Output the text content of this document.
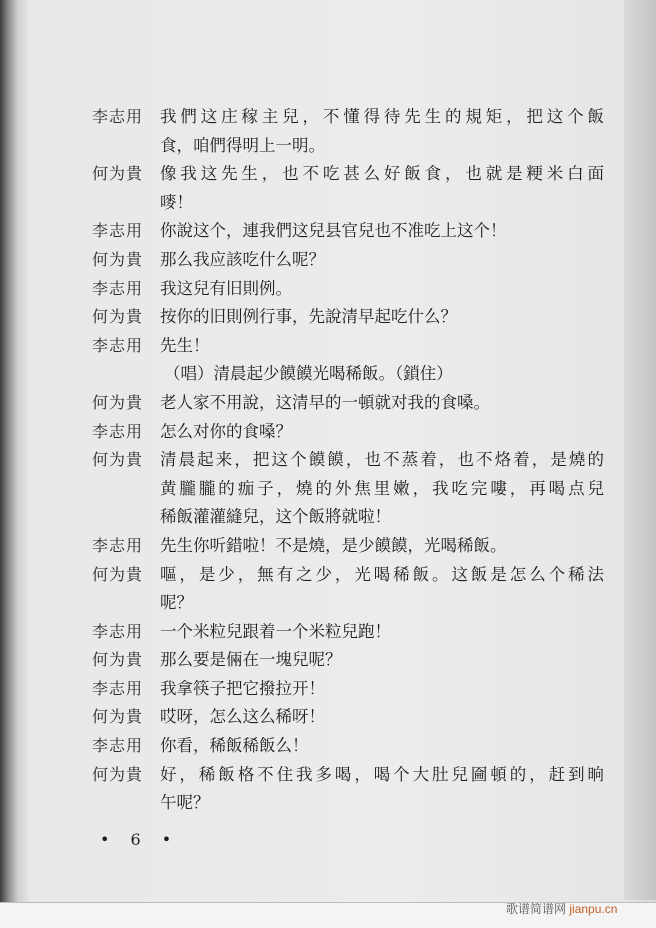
李志用	我們这庄稼主兒，不懂得待先生的規矩，把这个飯
食，咱們得明上一明。
何为貴	像我这先生，也不吃甚么好飯食，也就是粳米白面
嘜！
李志用	你說这个，連我們这兒县官兒也不准吃上这个！
何为貴	那么我应該吃什么呢？
李志用	我这兒有旧則例。
何为貴	按你的旧則例行事，先說清早起吃什么？
李志用	先生！
（唱）清晨起少饃饃光喝稀飯。（鎖住）
何为貴	老人家不用說，这清早的一頓就对我的食嗓。
李志用	怎么对你的食嗓？
何为貴	清晨起来，把这个饃饃，也不蒸着，也不烙着，是燒的
黄朧朧的痂子，燒的外焦里嫩，我吃完嘍，再喝点兒
稀飯灌灌縫兒，这个飯將就啦！
李志用	先生你听錯啦！不是燒，是少饃饃，光喝稀飯。
何为貴	嘔，是少，無有之少，光喝稀飯。这飯是怎么个稀法
呢？
李志用	一个米粒兒跟着一个米粒兒跑！
何为貴	那么要是倆在一塊兒呢？
李志用	我拿筷子把它撥拉开！
何为貴	哎呀，怎么这么稀呀！
李志用	你看，稀飯稀飯么！
何为貴	好，稀飯格不住我多喝，喝个大肚兒圇頓的，赶到晌
午呢？
• 6 •
歌谱简谱网 jianpu.cn
